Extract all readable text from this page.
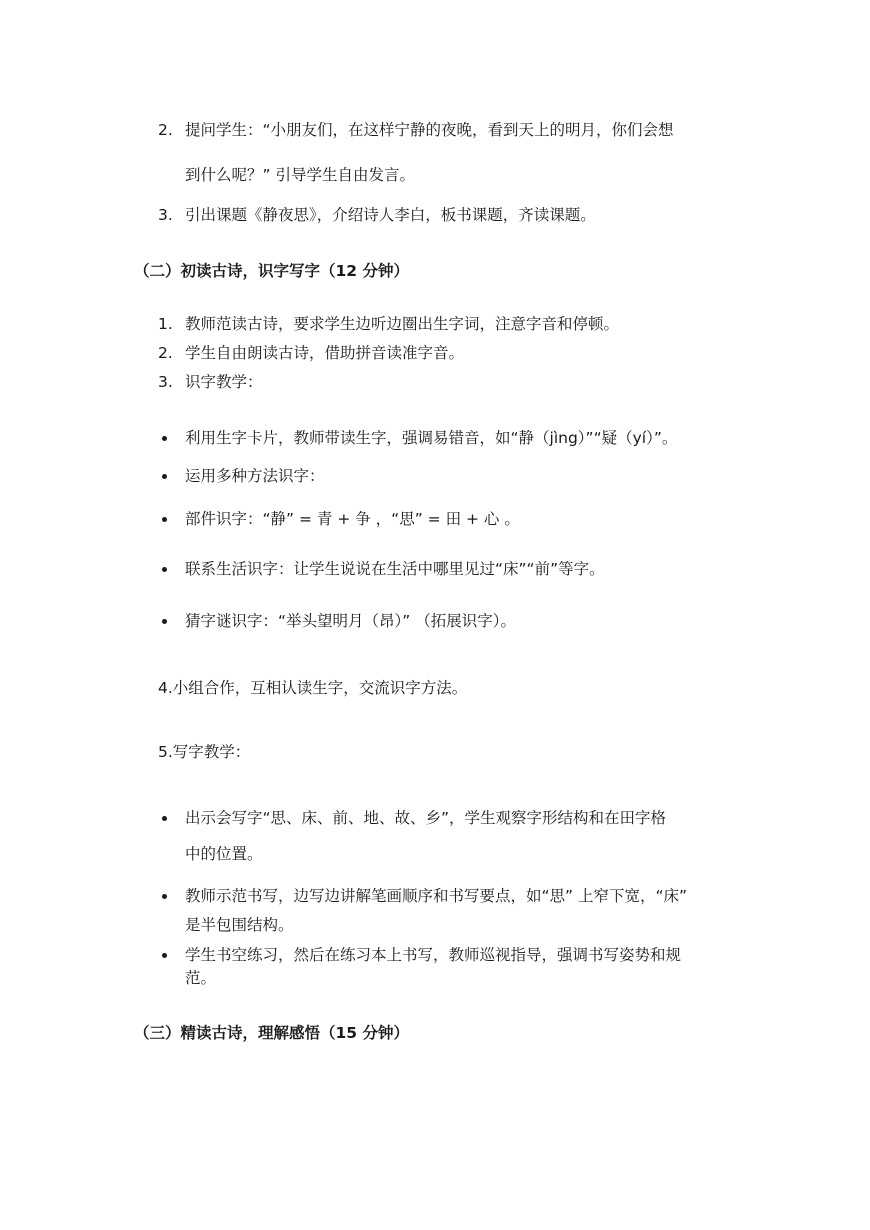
2. 提问学生：“小朋友们，在这样宁静的夜晚，看到天上的明月，你们会想
到什么呢？” 引导学生自由发言。
3. 引出课题《静夜思》，介绍诗人李白，板书课题，齐读课题。
（二）初读古诗，识字写字（12 分钟）
1. 教师范读古诗，要求学生边听边圈出生字词，注意字音和停顿。
2. 学生自由朗读古诗，借助拼音读准字音。
3. 识字教学：
利用生字卡片，教师带读生字，强调易错音，如“静（jìng）”“疑（yí）”。
运用多种方法识字：
部件识字：“静” = 青 + 争 ，“思” = 田 + 心 。
联系生活识字：让学生说说在生活中哪里见过“床”“前”等字。
猜字谜识字：“举头望明月（昂）” （拓展识字）。
4.小组合作，互相认读生字，交流识字方法。
5.写字教学：
出示会写字“思、床、前、地、故、乡”，学生观察字形结构和在田字格
中的位置。
教师示范书写，边写边讲解笔画顺序和书写要点，如“思” 上窄下宽，“床”
是半包围结构。
学生书空练习，然后在练习本上书写，教师巡视指导，强调书写姿势和规
范。
（三）精读古诗，理解感悟（15 分钟）
